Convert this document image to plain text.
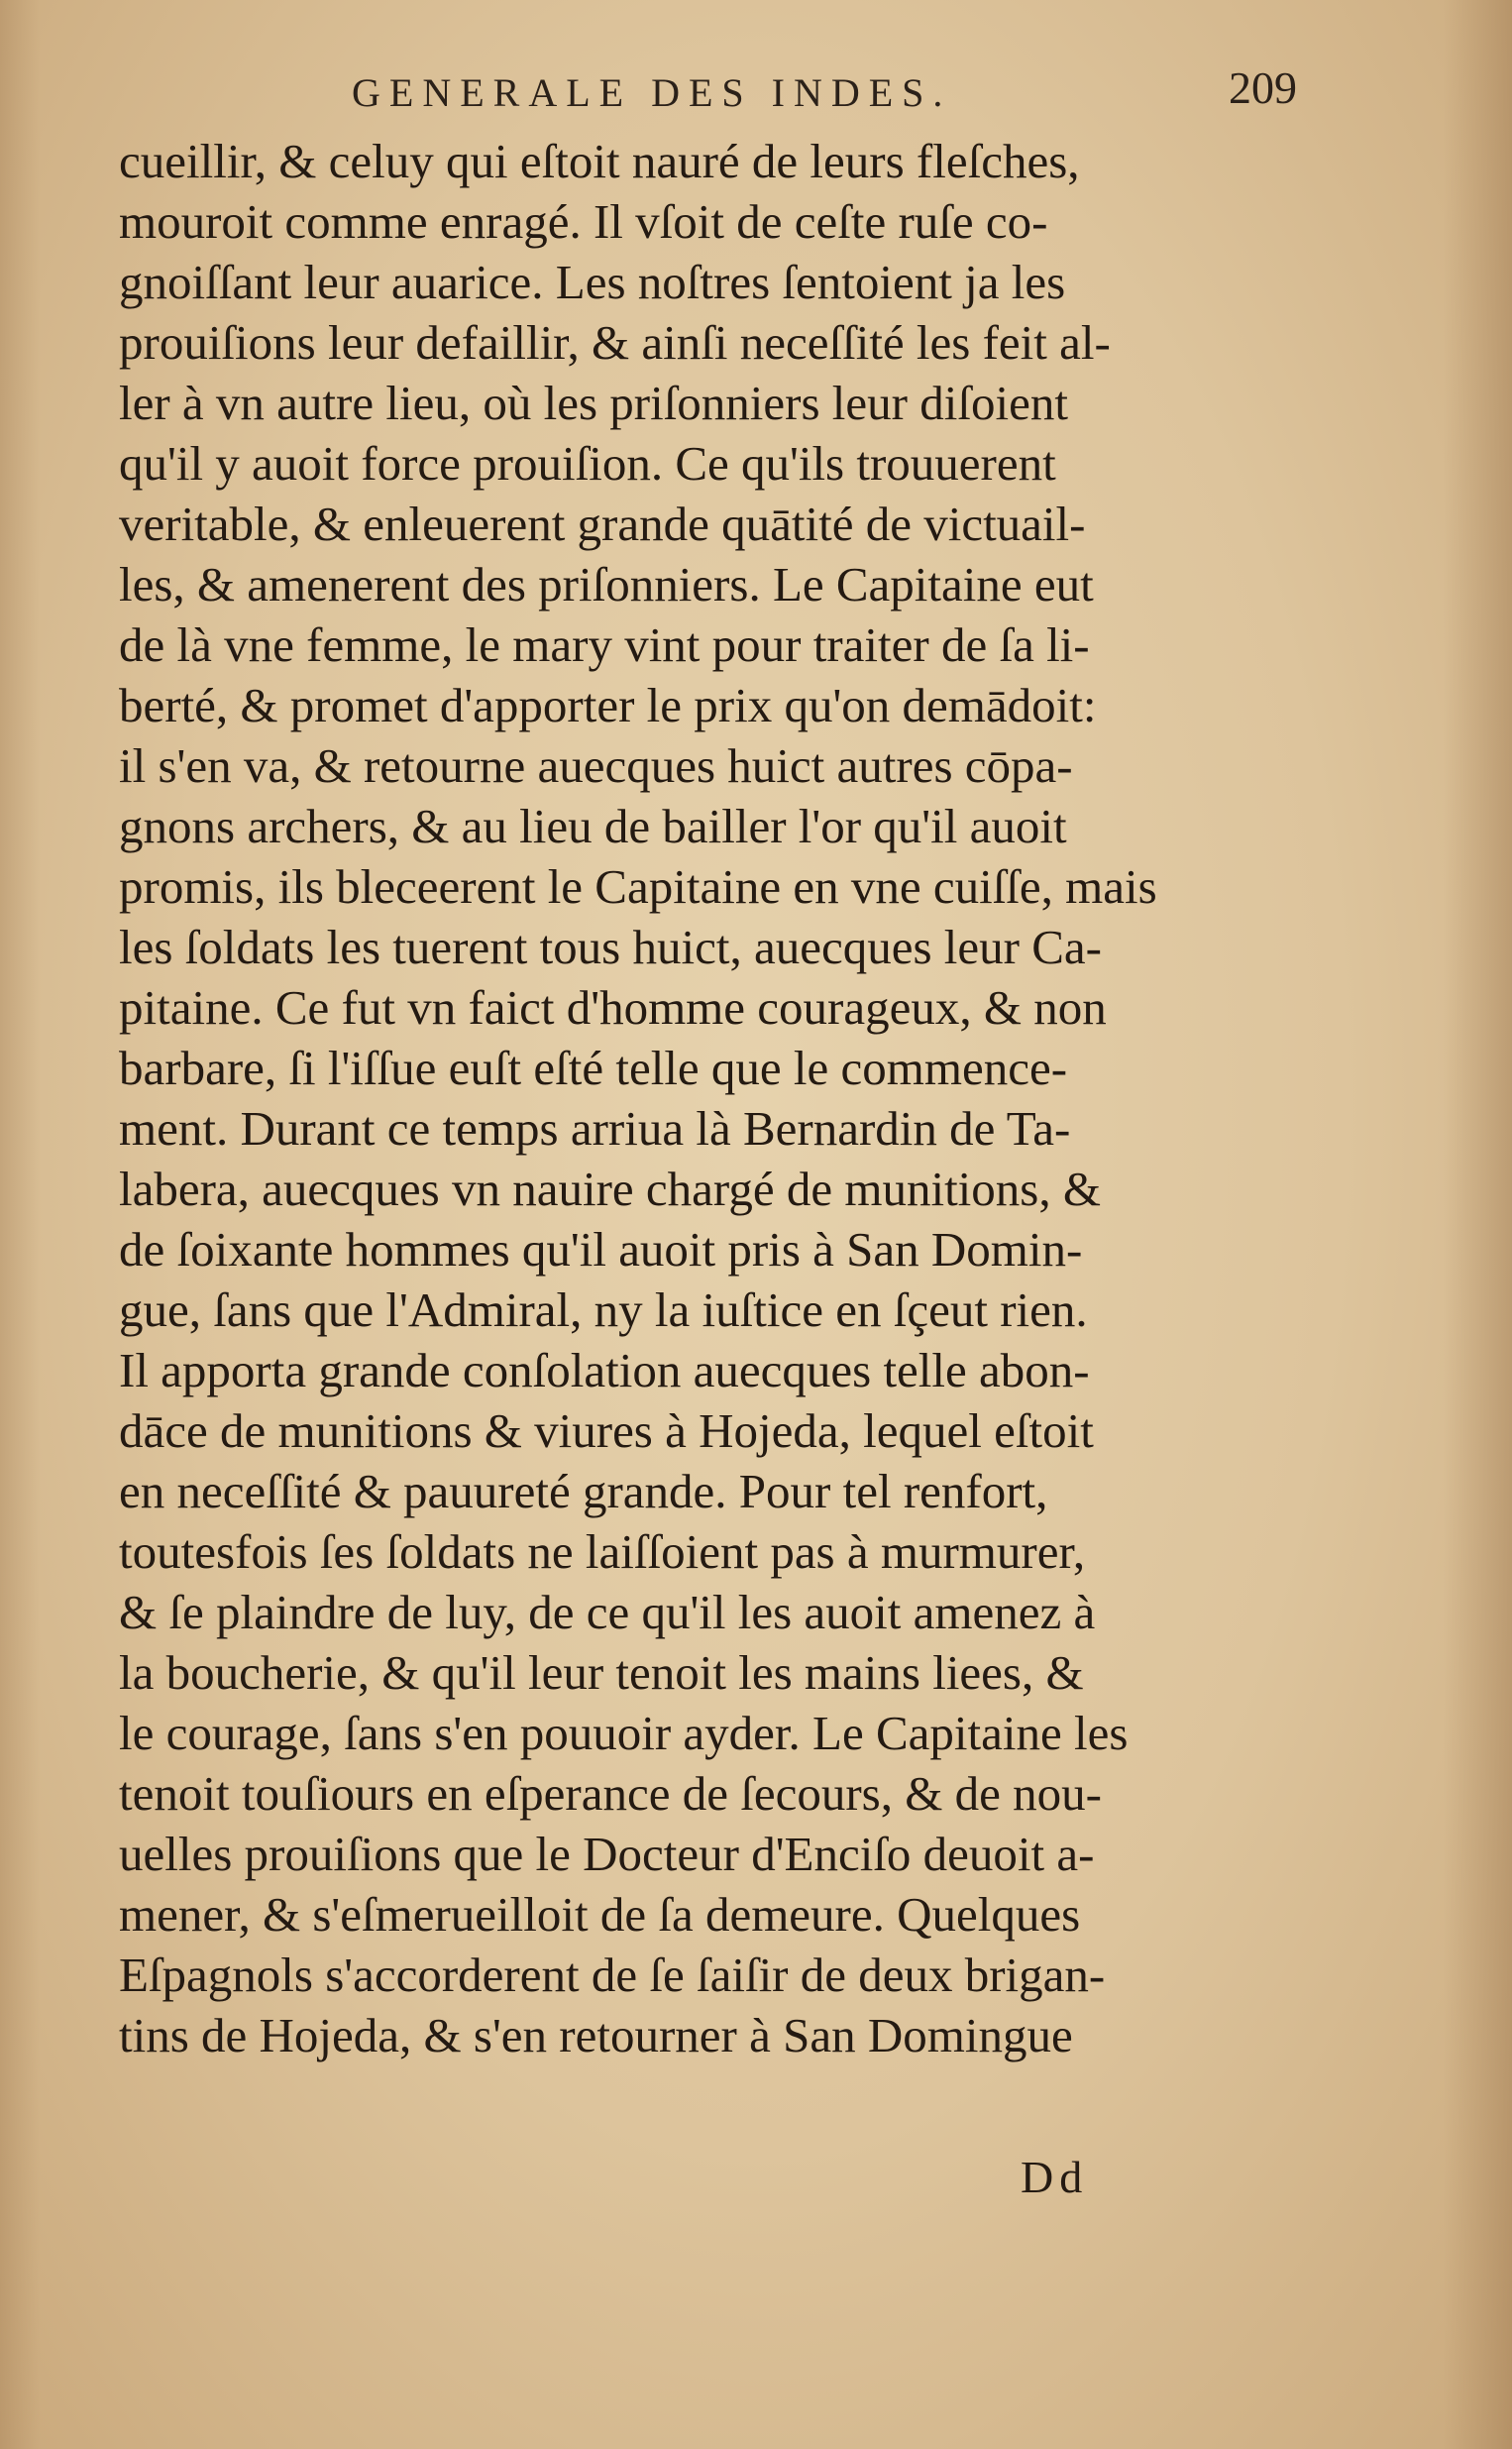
GENERALE DES INDES.	209
cueillir, & celuy qui eſtoit nauré de leurs fleſches,
mouroit comme enragé. Il vſoit de ceſte ruſe co-
gnoiſſant leur auarice. Les noſtres ſentoient ja les
prouiſions leur defaillir, & ainſi neceſſité les feit al-
ler à vn autre lieu, où les priſonniers leur diſoient
qu'il y auoit force prouiſion. Ce qu'ils trouuerent
veritable, & enleuerent grande quātité de victuail-
les, & amenerent des priſonniers. Le Capitaine eut
de là vne femme, le mary vint pour traiter de ſa li-
berté, & promet d'apporter le prix qu'on demādoit:
il s'en va, & retourne auecques huict autres cōpa-
gnons archers, & au lieu de bailler l'or qu'il auoit
promis, ils bleceerent le Capitaine en vne cuiſſe, mais
les ſoldats les tuerent tous huict, auecques leur Ca-
pitaine. Ce fut vn faict d'homme courageux, & non
barbare, ſi l'iſſue euſt eſté telle que le commence-
ment. Durant ce temps arriua là Bernardin de Ta-
labera, auecques vn nauire chargé de munitions, &
de ſoixante hommes qu'il auoit pris à San Domin-
gue, ſans que l'Admiral, ny la iuſtice en ſçeut rien.
Il apporta grande conſolation auecques telle abon-
dāce de munitions & viures à Hojeda, lequel eſtoit
en neceſſité & pauureté grande. Pour tel renfort,
toutesfois ſes ſoldats ne laiſſoient pas à murmurer,
& ſe plaindre de luy, de ce qu'il les auoit amenez à
la boucherie, & qu'il leur tenoit les mains liees, &
le courage, ſans s'en pouuoir ayder. Le Capitaine les
tenoit touſiours en eſperance de ſecours, & de nou-
uelles prouiſions que le Docteur d'Enciſo deuoit a-
mener, & s'eſmerueilloit de ſa demeure. Quelques
Eſpagnols s'accorderent de ſe ſaiſir de deux brigan-
tins de Hojeda, & s'en retourner à San Domingue
Dd
